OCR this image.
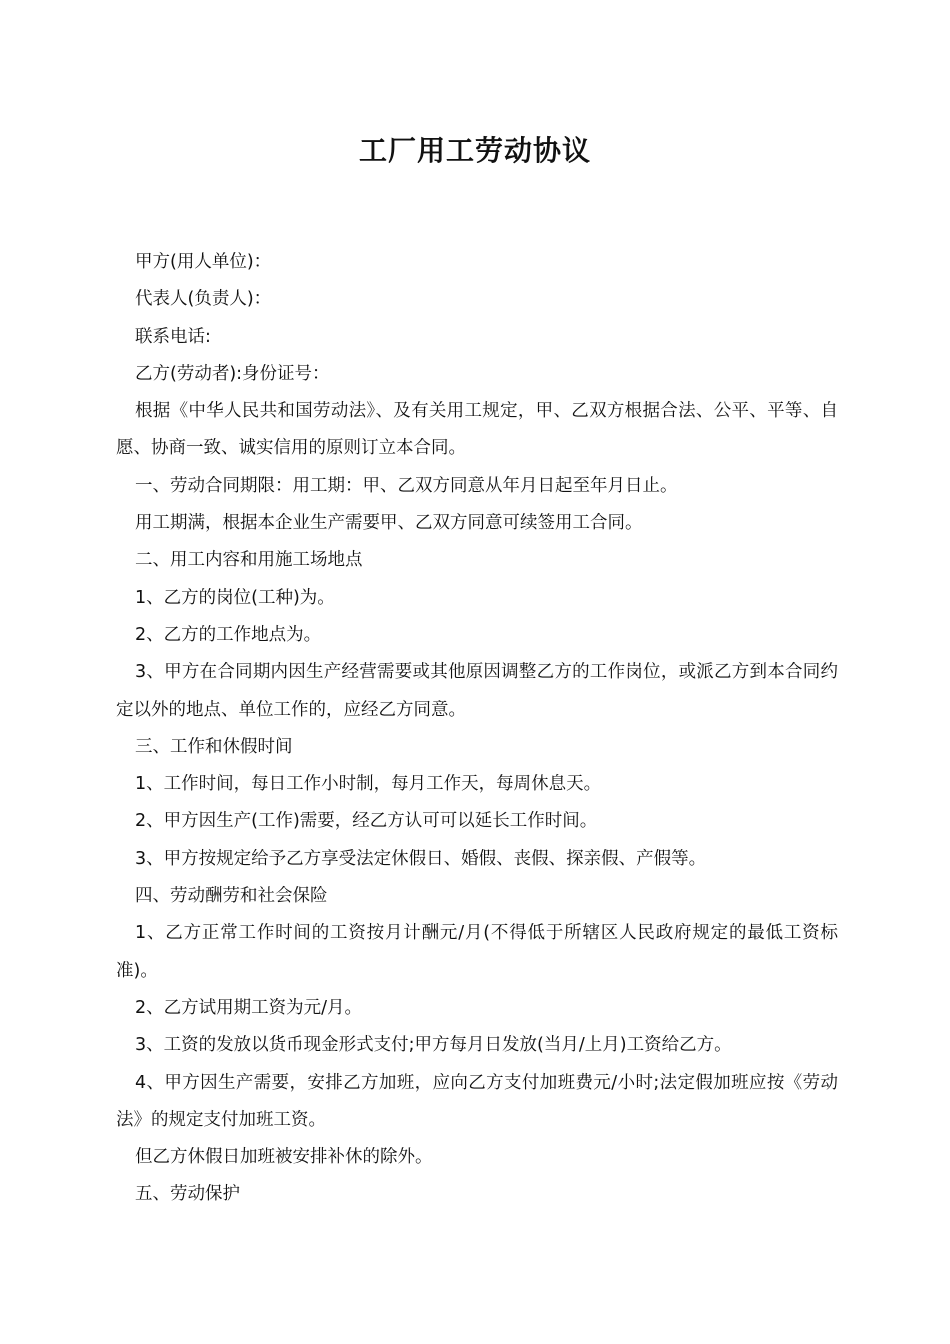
工厂用工劳动协议

甲方(用人单位)：

代表人(负责人)：

联系电话:

乙方(劳动者):身份证号：

根据《中华人民共和国劳动法》、及有关用工规定，甲、乙双方根据合法、公平、平等、自愿、协商一致、诚实信用的原则订立本合同。

一、劳动合同期限：用工期：甲、乙双方同意从年月日起至年月日止。

用工期满，根据本企业生产需要甲、乙双方同意可续签用工合同。

二、用工内容和用施工场地点

1、乙方的岗位(工种)为。

2、乙方的工作地点为。

3、甲方在合同期内因生产经营需要或其他原因调整乙方的工作岗位，或派乙方到本合同约定以外的地点、单位工作的，应经乙方同意。

三、工作和休假时间

1、工作时间，每日工作小时制，每月工作天，每周休息天。

2、甲方因生产(工作)需要，经乙方认可可以延长工作时间。

3、甲方按规定给予乙方享受法定休假日、婚假、丧假、探亲假、产假等。

四、劳动酬劳和社会保险

1、乙方正常工作时间的工资按月计酬元/月(不得低于所辖区人民政府规定的最低工资标准)。

2、乙方试用期工资为元/月。

3、工资的发放以货币现金形式支付;甲方每月日发放(当月/上月)工资给乙方。

4、甲方因生产需要，安排乙方加班，应向乙方支付加班费元/小时;法定假加班应按《劳动法》的规定支付加班工资。

但乙方休假日加班被安排补休的除外。

五、劳动保护
